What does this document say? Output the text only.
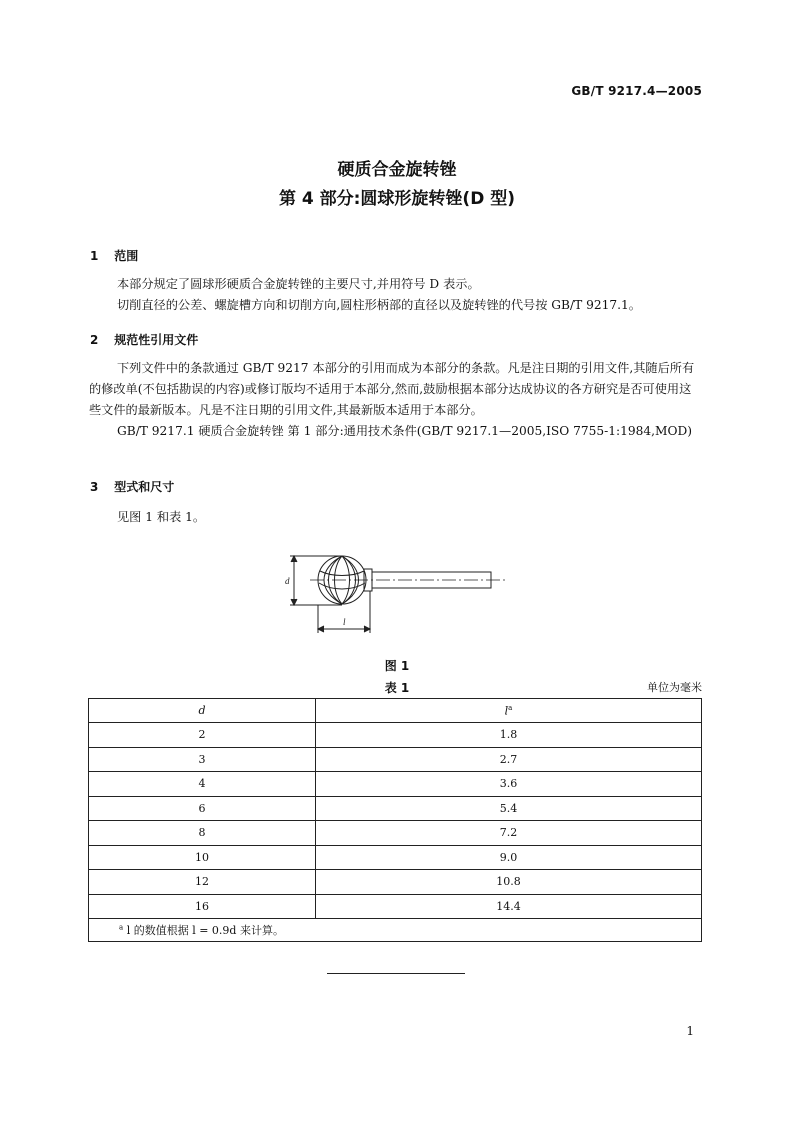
GB/T 9217.4—2005
硬质合金旋转锉
第 4 部分:圆球形旋转锉(D 型)
1 范围

本部分规定了圆球形硬质合金旋转锉的主要尺寸,并用符号 D 表示。

切削直径的公差、螺旋槽方向和切削方向,圆柱形柄部的直径以及旋转锉的代号按 GB/T 9217.1。

2 规范性引用文件

下列文件中的条款通过 GB/T 9217 本部分的引用而成为本部分的条款。凡是注日期的引用文件,其随后所有的修改单(不包括勘误的内容)或修订版均不适用于本部分,然而,鼓励根据本部分达成协议的各方研究是否可使用这些文件的最新版本。凡是不注日期的引用文件,其最新版本适用于本部分。

GB/T 9217.1 硬质合金旋转锉 第 1 部分:通用技术条件(GB/T 9217.1—2005,ISO 7755-1:1984,MOD)

3 型式和尺寸

见图 1 和表 1。

d
l
图 1
表 1	单位为毫米
d	$l^a$
2	1.8
3	2.7
4	3.6
6	5.4
8	7.2
10	9.0
12	10.8
16	14.4
$^a$ l 的数值根据 l = 0.9d 来计算。	
1
